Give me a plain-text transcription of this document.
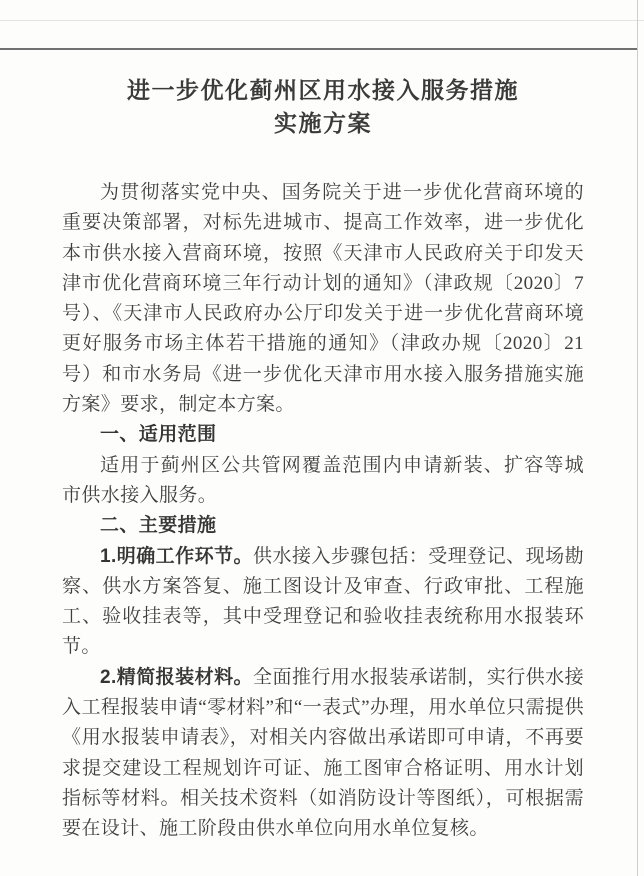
进一步优化蓟州区用水接入服务措施
实施方案

为贯彻落实党中央、国务院关于进一步优化营商环境的重要决策部署，对标先进城市、提高工作效率，进一步优化本市供水接入营商环境，按照《天津市人民政府关于印发天津市优化营商环境三年行动计划的通知》（津政规〔2020〕7号）、《天津市人民政府办公厅印发关于进一步优化营商环境更好服务市场主体若干措施的通知》（津政办规〔2020〕21号）和市水务局《进一步优化天津市用水接入服务措施实施方案》要求，制定本方案。

一、适用范围

适用于蓟州区公共管网覆盖范围内申请新装、扩容等城市供水接入服务。

二、主要措施

1.明确工作环节。供水接入步骤包括：受理登记、现场勘察、供水方案答复、施工图设计及审查、行政审批、工程施工、验收挂表等，其中受理登记和验收挂表统称用水报装环节。

2.精简报装材料。全面推行用水报装承诺制，实行供水接入工程报装申请“零材料”和“一表式”办理，用水单位只需提供《用水报装申请表》，对相关内容做出承诺即可申请，不再要求提交建设工程规划许可证、施工图审合格证明、用水计划指标等材料。相关技术资料（如消防设计等图纸），可根据需要在设计、施工阶段由供水单位向用水单位复核。
